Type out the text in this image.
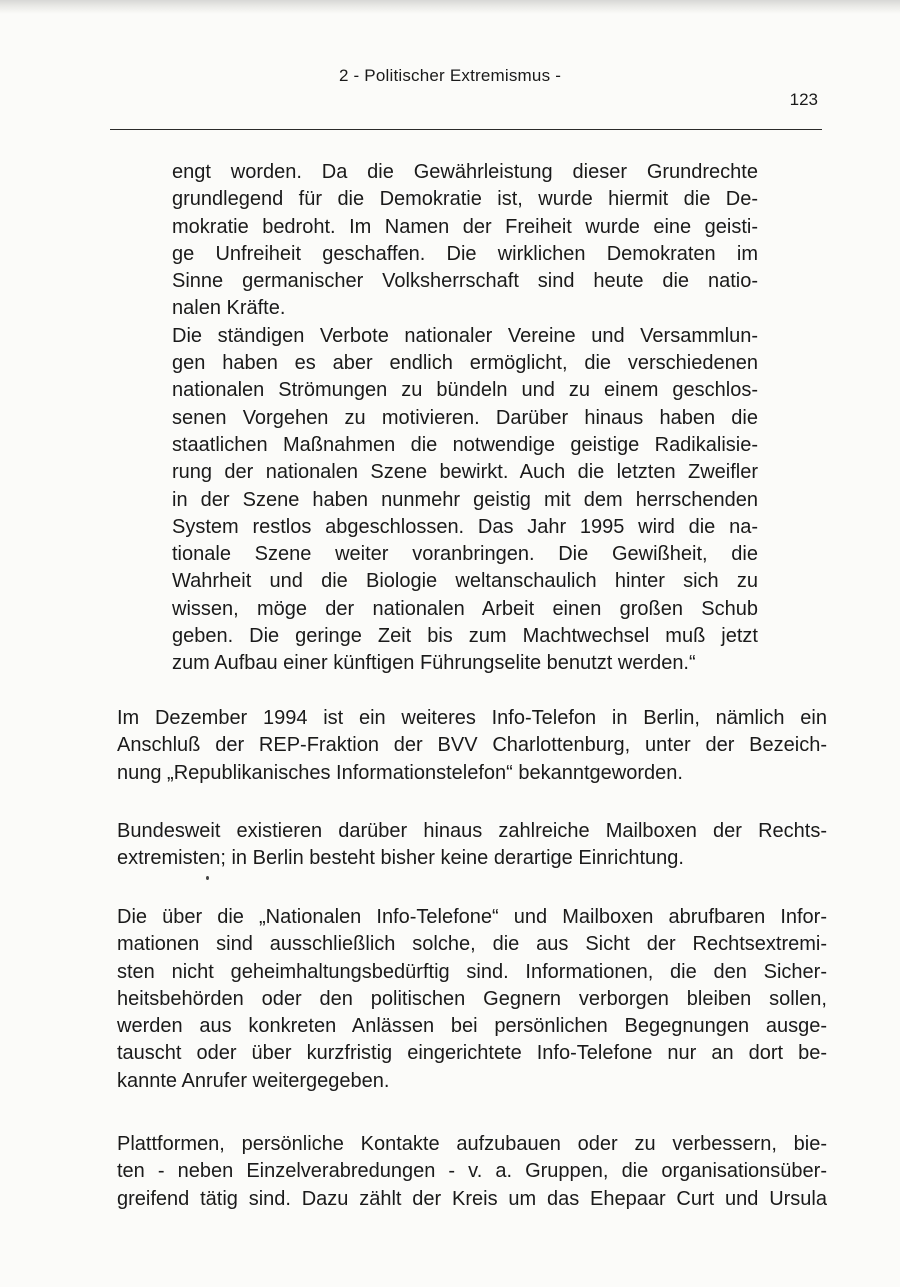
2 - Politischer Extremismus -
123
engt worden. Da die Gewährleistung dieser Grundrechte
grundlegend für die Demokratie ist, wurde hiermit die De-
mokratie bedroht. Im Namen der Freiheit wurde eine geisti-
ge Unfreiheit geschaffen. Die wirklichen Demokraten im
Sinne germanischer Volksherrschaft sind heute die natio-
nalen Kräfte.
Die ständigen Verbote nationaler Vereine und Versammlun-
gen haben es aber endlich ermöglicht, die verschiedenen
nationalen Strömungen zu bündeln und zu einem geschlos-
senen Vorgehen zu motivieren. Darüber hinaus haben die
staatlichen Maßnahmen die notwendige geistige Radikalisie-
rung der nationalen Szene bewirkt. Auch die letzten Zweifler
in der Szene haben nunmehr geistig mit dem herrschenden
System restlos abgeschlossen. Das Jahr 1995 wird die na-
tionale Szene weiter voranbringen. Die Gewißheit, die
Wahrheit und die Biologie weltanschaulich hinter sich zu
wissen, möge der nationalen Arbeit einen großen Schub
geben. Die geringe Zeit bis zum Machtwechsel muß jetzt
zum Aufbau einer künftigen Führungselite benutzt werden.“
Im Dezember 1994 ist ein weiteres Info-Telefon in Berlin, nämlich ein
Anschluß der REP-Fraktion der BVV Charlottenburg, unter der Bezeich-
nung „Republikanisches Informationstelefon“ bekanntgeworden.
Bundesweit existieren darüber hinaus zahlreiche Mailboxen der Rechts-
extremisten; in Berlin besteht bisher keine derartige Einrichtung.
Die über die „Nationalen Info-Telefone“ und Mailboxen abrufbaren Infor-
mationen sind ausschließlich solche, die aus Sicht der Rechtsextremi-
sten nicht geheimhaltungsbedürftig sind. Informationen, die den Sicher-
heitsbehörden oder den politischen Gegnern verborgen bleiben sollen,
werden aus konkreten Anlässen bei persönlichen Begegnungen ausge-
tauscht oder über kurzfristig eingerichtete Info-Telefone nur an dort be-
kannte Anrufer weitergegeben.
Plattformen, persönliche Kontakte aufzubauen oder zu verbessern, bie-
ten - neben Einzelverabredungen - v. a. Gruppen, die organisationsüber-
greifend tätig sind. Dazu zählt der Kreis um das Ehepaar Curt und Ursula
